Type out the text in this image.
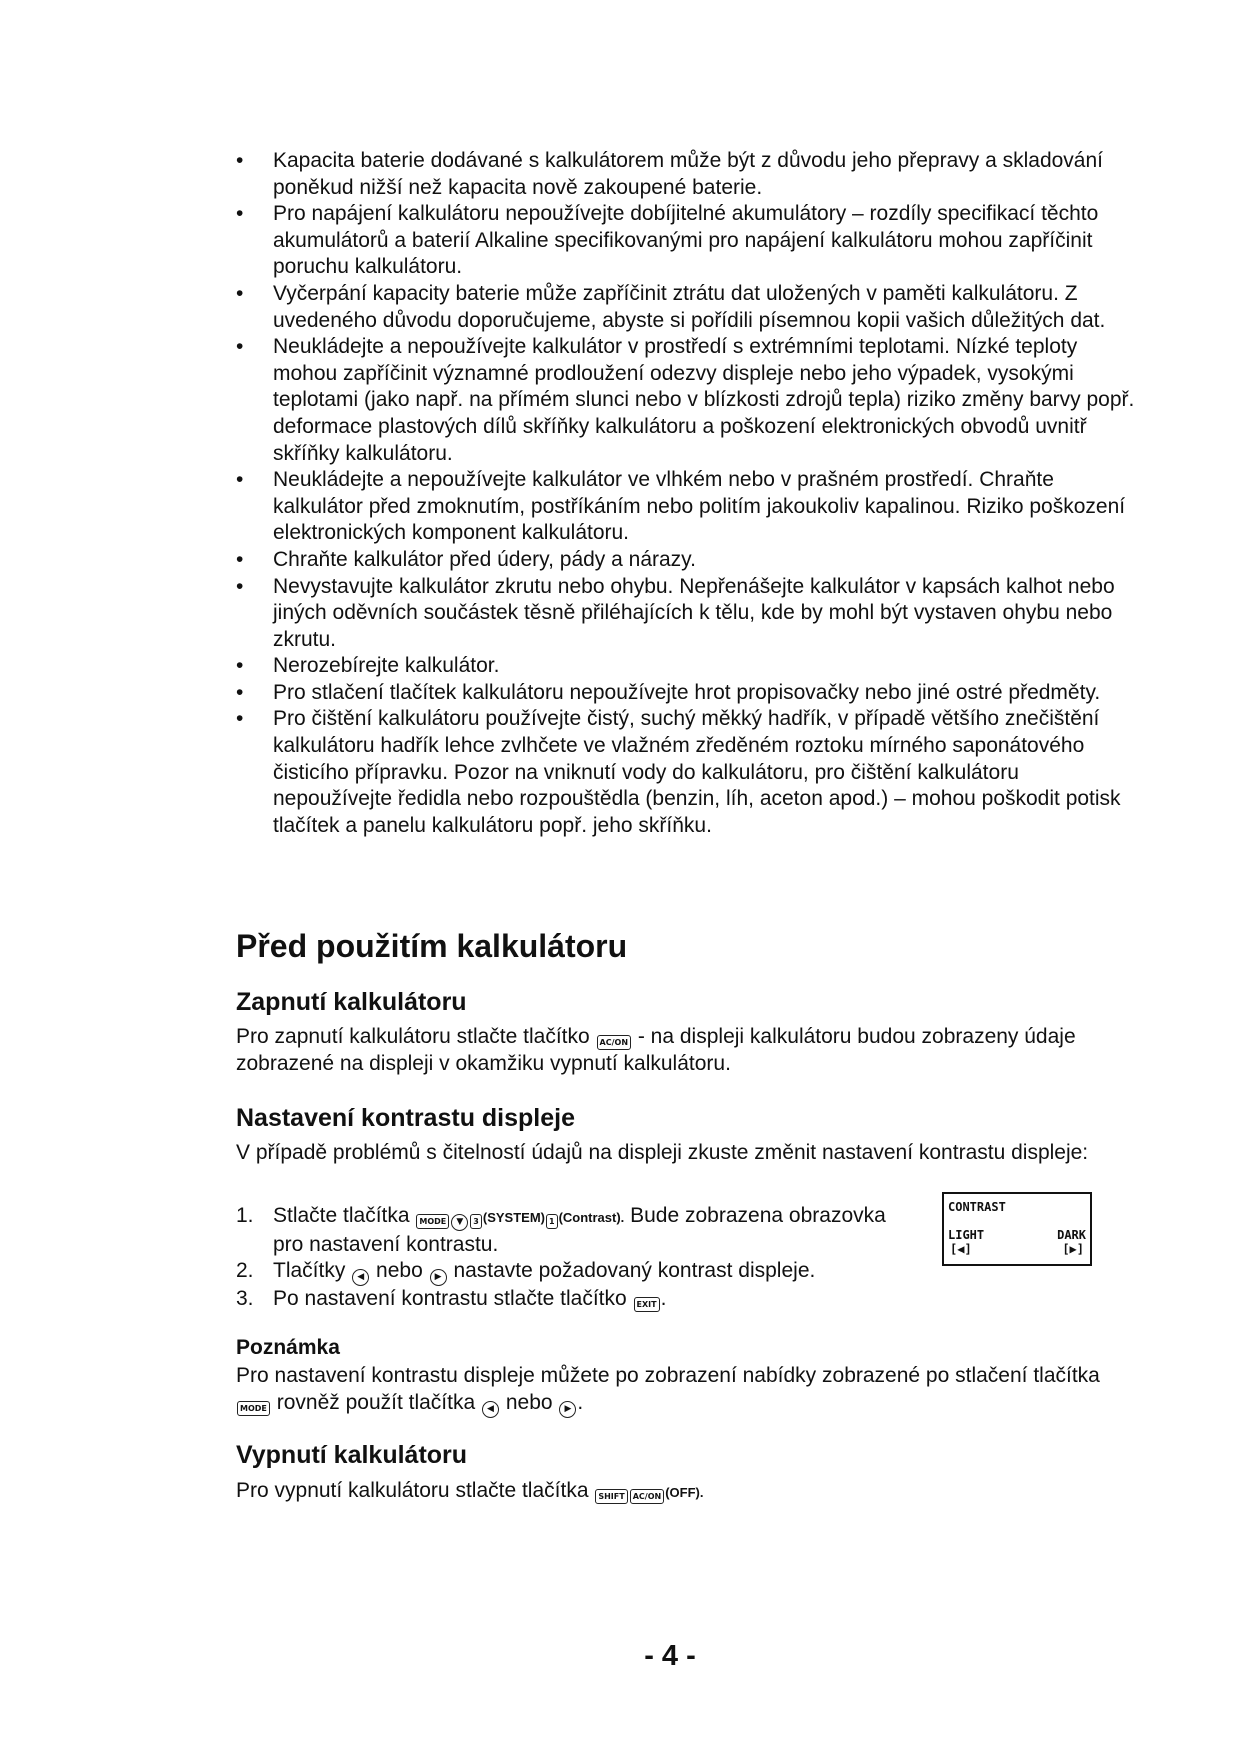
• Kapacita baterie dodávané s kalkulátorem může být z důvodu jeho přepravy a skladování poněkud nižší než kapacita nově zakoupené baterie.
• Pro napájení kalkulátoru nepoužívejte dobíjitelné akumulátory – rozdíly specifikací těchto akumulátorů a baterií Alkaline specifikovanými pro napájení kalkulátoru mohou zapříčinit poruchu kalkulátoru.
• Vyčerpání kapacity baterie může zapříčinit ztrátu dat uložených v paměti kalkulátoru. Z uvedeného důvodu doporučujeme, abyste si pořídili písemnou kopii vašich důležitých dat.
• Neukládejte a nepoužívejte kalkulátor v prostředí s extrémními teplotami. Nízké teploty mohou zapříčinit významné prodloužení odezvy displeje nebo jeho výpadek, vysokými teplotami (jako např. na přímém slunci nebo v blízkosti zdrojů tepla) riziko změny barvy popř. deformace plastových dílů skříňky kalkulátoru a poškození elektronických obvodů uvnitř skříňky kalkulátoru.
• Neukládejte a nepoužívejte kalkulátor ve vlhkém nebo v prašném prostředí. Chraňte kalkulátor před zmoknutím, postříkáním nebo politím jakoukoliv kapalinou. Riziko poškození elektronických komponent kalkulátoru.
• Chraňte kalkulátor před údery, pády a nárazy.
• Nevystavujte kalkulátor zkrutu nebo ohybu. Nepřenášejte kalkulátor v kapsách kalhot nebo jiných oděvních součástek těsně přiléhajících k tělu, kde by mohl být vystaven ohybu nebo zkrutu.
• Nerozebírejte kalkulátor.
• Pro stlačení tlačítek kalkulátoru nepoužívejte hrot propisovačky nebo jiné ostré předměty.
• Pro čištění kalkulátoru používejte čistý, suchý měkký hadřík, v případě většího znečištění kalkulátoru hadřík lehce zvlhčete ve vlažném zředěném roztoku mírného saponátového čisticího přípravku. Pozor na vniknutí vody do kalkulátoru, pro čištění kalkulátoru nepoužívejte ředidla nebo rozpouštědla (benzin, líh, aceton apod.) – mohou poškodit potisk tlačítek a panelu kalkulátoru popř. jeho skříňku.
Před použitím kalkulátoru
Zapnutí kalkulátoru

Pro zapnutí kalkulátoru stlačte tlačítko AC/ON - na displeji kalkulátoru budou zobrazeny údaje zobrazené na displeji v okamžiku vypnutí kalkulátoru.

Nastavení kontrastu displeje

V případě problémů s čitelností údajů na displeji zkuste změnit nastavení kontrastu displeje:

1. Stlačte tlačítka MODE ▼ 3 (SYSTEM) 1 (Contrast). Bude zobrazena obrazovka pro nastavení kontrastu.
2. Tlačítky ◀ nebo ▶ nastavte požadovaný kontrast displeje.
3. Po nastavení kontrastu stlačte tlačítko EXIT .
CONTRAST
LIGHT	DARK
[◀]	[▶]
Poznámka

Pro nastavení kontrastu displeje můžete po zobrazení nabídky zobrazené po stlačení tlačítka MODE rovněž použít tlačítka ◀ nebo ▶ .

Vypnutí kalkulátoru

Pro vypnutí kalkulátoru stlačte tlačítka SHIFT AC/ON (OFF).

- 4 -
